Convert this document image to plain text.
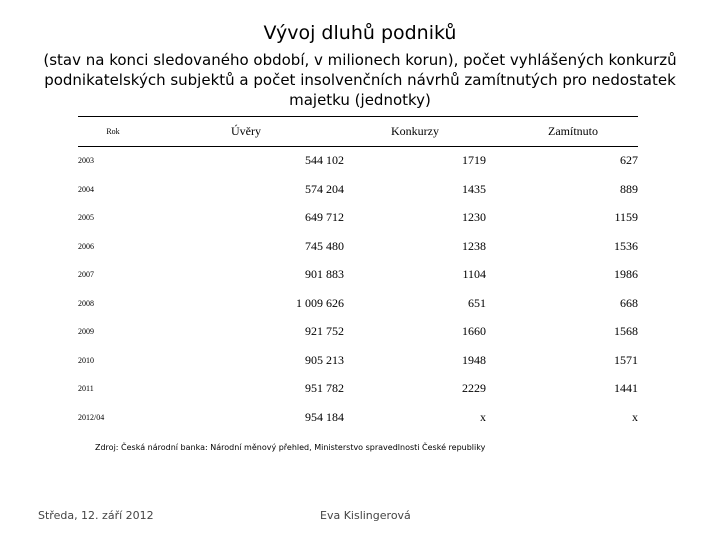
Vývoj dluhů podniků
(stav na konci sledovaného období, v milionech korun), počet vyhlášených konkurzů podnikatelských subjektů a počet insolvenčních návrhů zamítnutých pro nedostatek majetku (jednotky)
Rok	Úvěry	Konkurzy	Zamítnuto
2003	544 102	1719	627
2004	574 204	1435	889
2005	649 712	1230	1159
2006	745 480	1238	1536
2007	901 883	1104	1986
2008	1 009 626	651	668
2009	921 752	1660	1568
2010	905 213	1948	1571
2011	951 782	2229	1441
2012/04	954 184	x	x
Zdroj: Česká národní banka: Národní měnový přehled, Ministerstvo spravedlnosti České republiky
Středa, 12. září 2012	Eva Kislingerová
